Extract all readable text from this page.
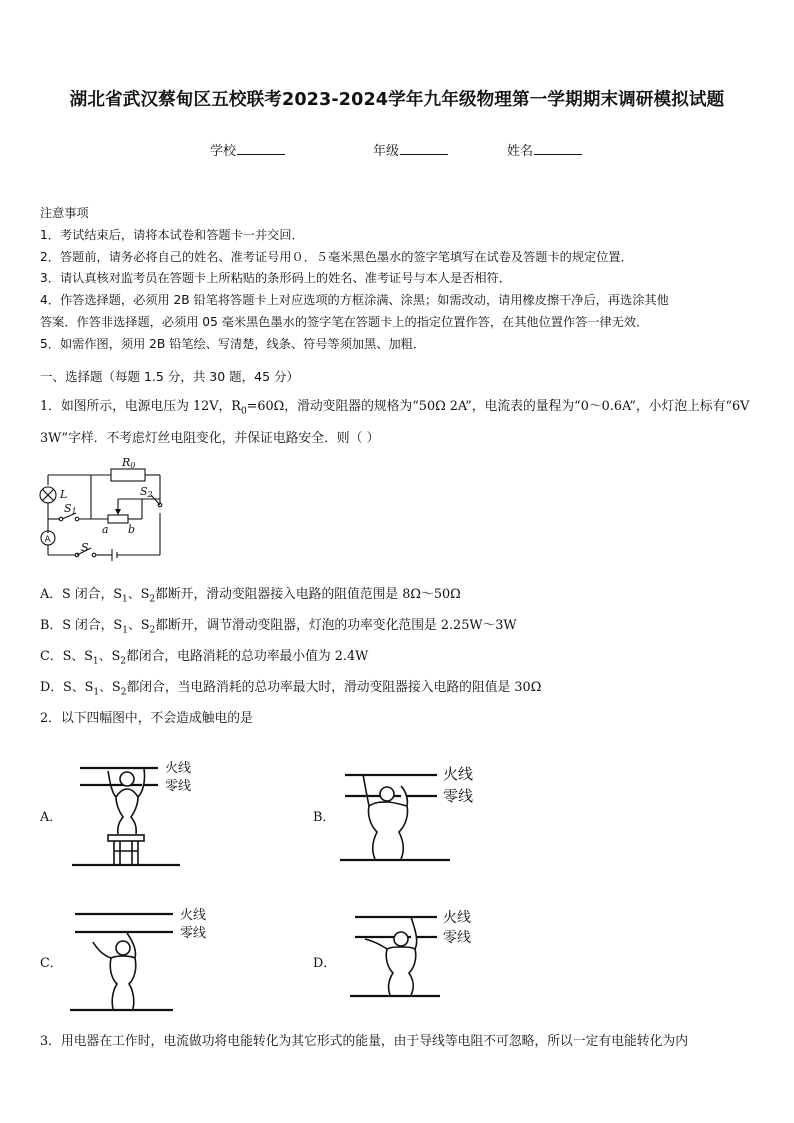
湖北省武汉蔡甸区五校联考2023-2024学年九年级物理第一学期期末调研模拟试题
学校	年级	姓名
注意事项
1．考试结束后，请将本试卷和答题卡一并交回．
2．答题前，请务必将自己的姓名、准考证号用０．５毫米黑色墨水的签字笔填写在试卷及答题卡的规定位置．
3．请认真核对监考员在答题卡上所粘贴的条形码上的姓名、准考证号与本人是否相符．
4．作答选择题，必须用 2B 铅笔将答题卡上对应选项的方框涂满、涂黑；如需改动，请用橡皮擦干净后，再选涂其他
答案．作答非选择题，必须用 05 毫米黑色墨水的签字笔在答题卡上的指定位置作答，在其他位置作答一律无效．
5．如需作图，须用 2B 铅笔绘、写清楚，线条、符号等须加黑、加粗．
一、选择题（每题 1.5 分，共 30 题，45 分）
1．如图所示，电源电压为 12V，$R_0=60\Omega$，滑动变阻器的规格为“50Ω 2A”，电流表的量程为“0～0.6A”，小灯泡上标有“6V
3W”字样．不考虑灯丝电阻变化，并保证电路安全．则（ ）
R0
S2
L
S1
a b
S
A
A．S 闭合，$S_1$、$S_2$都断开，滑动变阻器接入电路的阻值范围是 8Ω～50Ω
B．S 闭合，$S_1$、$S_2$都断开，调节滑动变阻器，灯泡的功率变化范围是 2.25W～3W
C．S、$S_1$、$S_2$都闭合，电路消耗的总功率最小值为 2.4W
D．S、$S_1$、$S_2$都闭合，当电路消耗的总功率最大时，滑动变阻器接入电路的阻值是 30Ω
2．以下四幅图中，不会造成触电的是
A．
火线
零线
B．
火线
零线
C．
火线
零线
D．
火线
零线
3．用电器在工作时，电流做功将电能转化为其它形式的能量，由于导线等电阻不可忽略，所以一定有电能转化为内
